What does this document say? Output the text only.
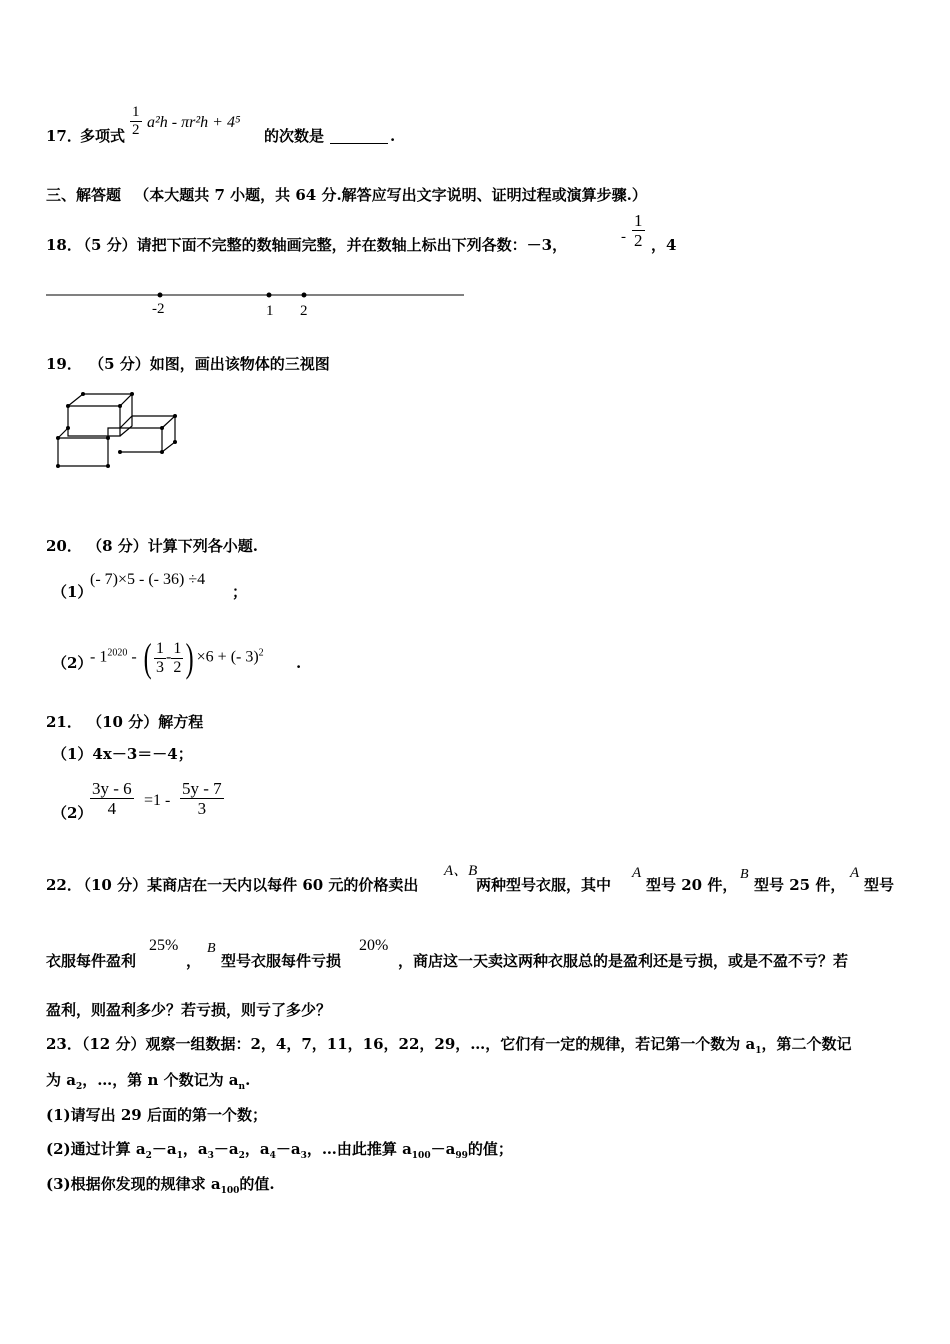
17．
多项式 $\frac{1}{2} a^2h - \pi r^2h + 4^5$
的次数是	.
三、解答题 （本大题共 7 小题，共 64 分.解答应写出文字说明、证明过程或演算步骤.）
18．
（5 分）请把下面不完整的数轴画完整，并在数轴上标出下列各数：－3，	- $\frac{1}{2}$ ，4
-2	1 2
19． （5 分）如图，画出该物体的三视图
20． （8 分）计算下列各小题.
（1）
(- 7)×5 - (- 36) ÷4
；
（2）
- $1^{2020}$ - ( $\frac{1}{3} - \frac{1}{2}$ ) ×6 + (- 3)$^2$
.
21． （10 分）解方程
（1）4x－3＝－4；
（2）
$\frac{3y - 6}{4} =1 - \frac{5y - 7}{3}$
22．
（10 分）某商店在一天内以每件 60 元的价格卖出
A、B
两种型号衣服，其中
A
型号 20 件，
B
型号 25 件，
A
型号
衣服每件盈利
25%
，
B
型号衣服每件亏损
20%
，商店这一天卖这两种衣服总的是盈利还是亏损，或是不盈不亏？若
盈利，则盈利多少？若亏损，则亏了多少？
23．（12 分）观察一组数据：2，4，7，11，16，22，29，…，它们有一定的规律，若记第一个数为 $a_1$，第二个数记
为 $a_2$，…，第 n 个数记为 $a_n$.
(1)请写出 29 后面的第一个数；
(2)通过计算 $a_2-a_1$，$a_3-a_2$，$a_4-a_3$，…由此推算 $a_{100}-a_{99}$的值；
(3)根据你发现的规律求 $a_{100}$的值.
